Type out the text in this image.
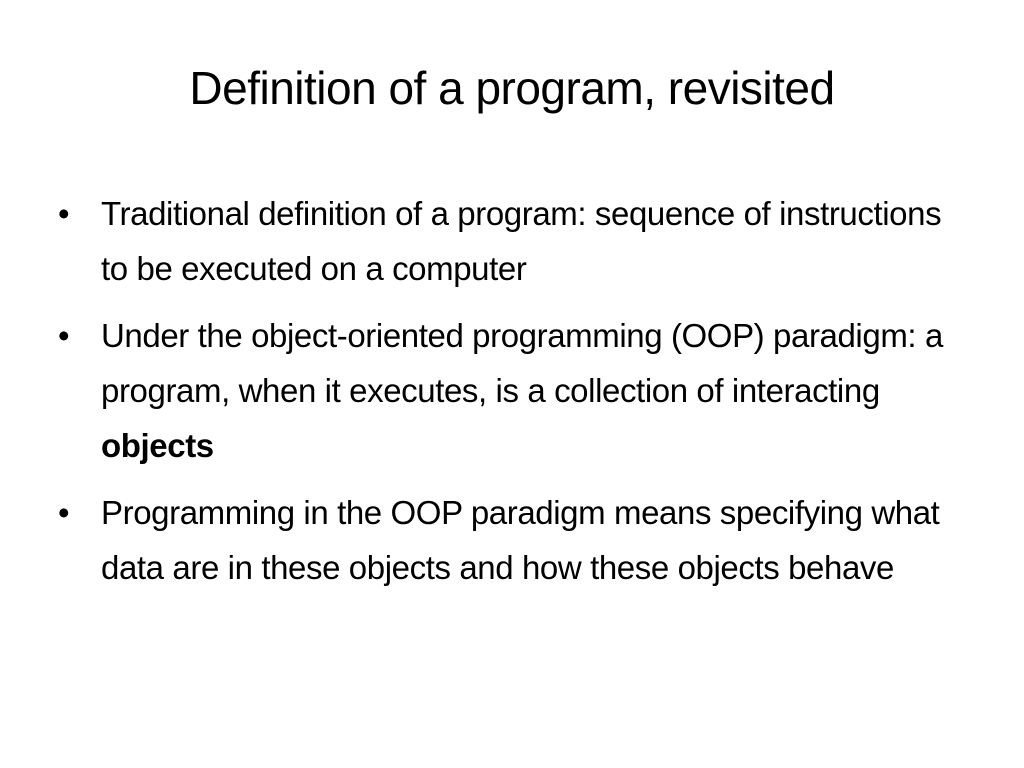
Definition of a program, revisited
• Traditional definition of a program: sequence of instructions to be executed on a computer
• Under the object-oriented programming (OOP) paradigm: a program, when it executes, is a collection of interacting objects
• Programming in the OOP paradigm means specifying what data are in these objects and how these objects behave
